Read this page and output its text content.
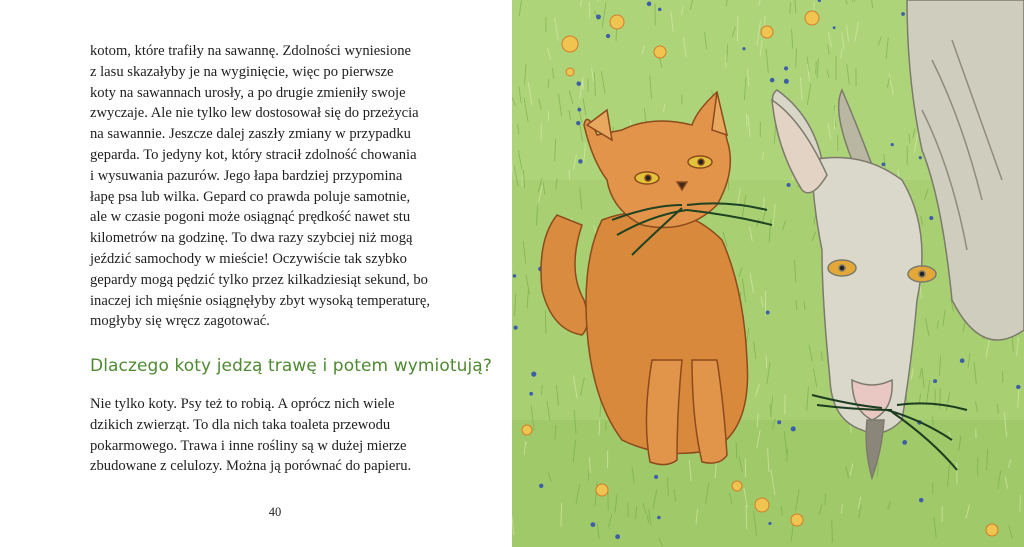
kotom, które trafiły na sawannę. Zdolności wyniesione
z lasu skazałyby je na wyginięcie, więc po pierwsze
koty na sawannach urosły, a po drugie zmieniły swoje
zwyczaje. Ale nie tylko lew dostosował się do przeżycia
na sawannie. Jeszcze dalej zaszły zmiany w przypadku
geparda. To jedyny kot, który stracił zdolność chowania
i wysuwania pazurów. Jego łapa bardziej przypomina
łapę psa lub wilka. Gepard co prawda poluje samotnie,
ale w czasie pogoni może osiągnąć prędkość nawet stu
kilometrów na godzinę. To dwa razy szybciej niż mogą
jeździć samochody w mieście! Oczywiście tak szybko
gepardy mogą pędzić tylko przez kilkadziesiąt sekund, bo
inaczej ich mięśnie osiągnęłyby zbyt wysoką temperaturę,
mogłyby się wręcz zagotować.
Dlaczego koty jedzą trawę i potem wymiotują?
Nie tylko koty. Psy też to robią. A oprócz nich wiele
dzikich zwierząt. To dla nich taka toaleta przewodu
pokarmowego. Trawa i inne rośliny są w dużej mierze
zbudowane z celulozy. Można ją porównać do papieru.
40
